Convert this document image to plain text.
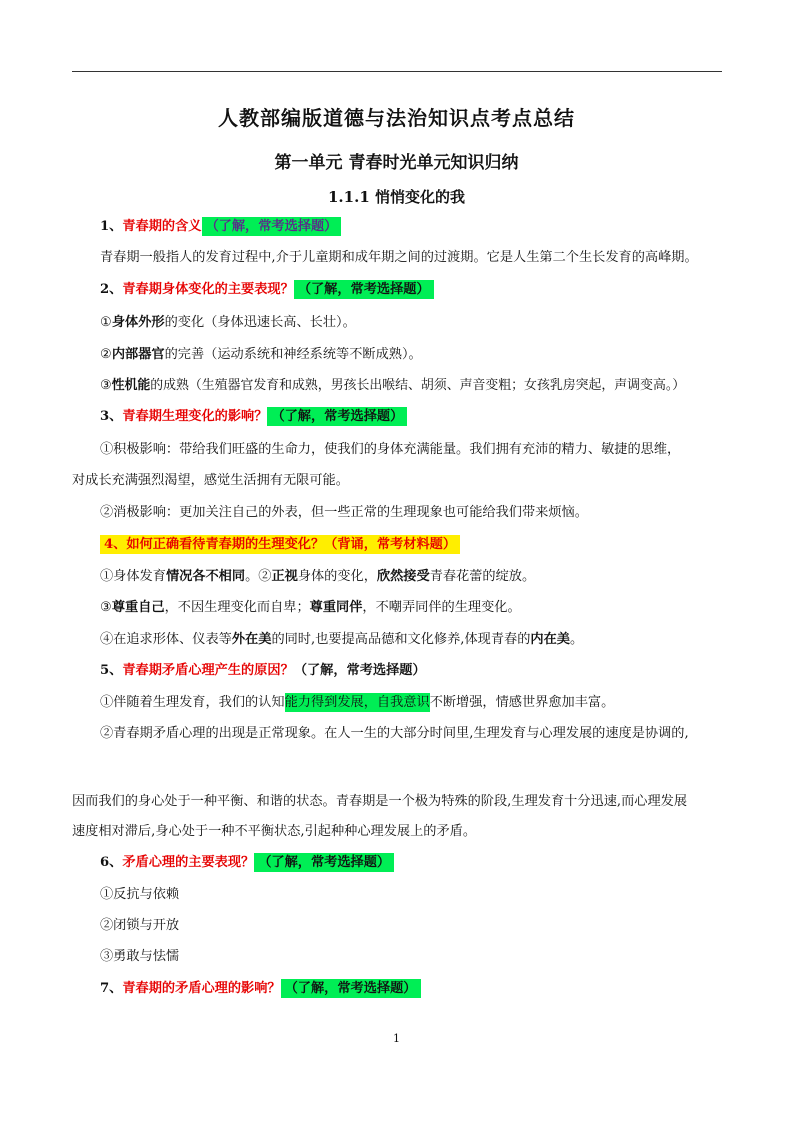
人教部编版道德与法治知识点考点总结
第一单元 青春时光单元知识归纳
1.1.1 悄悄变化的我
1、青春期的含义 （了解，常考选择题）
青春期一般指人的发育过程中,介于儿童期和成年期之间的过渡期。它是人生第二个生长发育的高峰期。
2、青春期身体变化的主要表现？ （了解，常考选择题）
①身体外形的变化（身体迅速长高、长壮）。
②内部器官的完善（运动系统和神经系统等不断成熟）。
③性机能的成熟（生殖器官发育和成熟，男孩长出喉结、胡须、声音变粗；女孩乳房突起，声调变高。）
3、青春期生理变化的影响？ （了解，常考选择题）
①积极影响：带给我们旺盛的生命力，使我们的身体充满能量。我们拥有充沛的精力、敏捷的思维，
对成长充满强烈渴望，感觉生活拥有无限可能。
②消极影响：更加关注自己的外表，但一些正常的生理现象也可能给我们带来烦恼。
4、如何正确看待青春期的生理变化？（背诵，常考材料题）
①身体发育情况各不相同。②正视身体的变化，欣然接受青春花蕾的绽放。
③尊重自己，不因生理变化而自卑；尊重同伴，不嘲弄同伴的生理变化。
④在追求形体、仪表等外在美的同时,也要提高品德和文化修养,体现青春的内在美。
5、青春期矛盾心理产生的原因？（了解，常考选择题）
①伴随着生理发育，我们的认知能力得到发展，自我意识不断增强，情感世界愈加丰富。
②青春期矛盾心理的出现是正常现象。在人一生的大部分时间里,生理发育与心理发展的速度是协调的,
因而我们的身心处于一种平衡、和谐的状态。青春期是一个极为特殊的阶段,生理发育十分迅速,而心理发展
速度相对滞后,身心处于一种不平衡状态,引起种种心理发展上的矛盾。
6、矛盾心理的主要表现？ （了解，常考选择题）
①反抗与依赖
②闭锁与开放
③勇敢与怯懦
7、青春期的矛盾心理的影响？ （了解，常考选择题）
1
